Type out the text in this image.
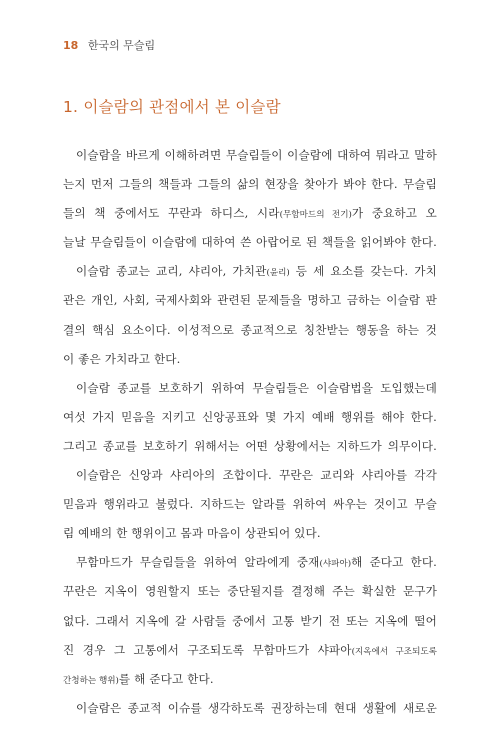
18 한국의 무슬림
1. 이슬람의 관점에서 본 이슬람
이슬람을 바르게 이해하려면 무슬림들이 이슬람에 대하여 뭐라고 말하
는지 먼저 그들의 책들과 그들의 삶의 현장을 찾아가 봐야 한다. 무슬림
들의 책 중에서도 꾸란과 하디스, 시라(무함마드의 전기)가 중요하고 오
늘날 무슬림들이 이슬람에 대하여 쓴 아랍어로 된 책들을 읽어봐야 한다.
이슬람 종교는 교리, 샤리아, 가치관(윤리) 등 세 요소를 갖는다. 가치
관은 개인, 사회, 국제사회와 관련된 문제들을 명하고 금하는 이슬람 판
결의 핵심 요소이다. 이성적으로 종교적으로 칭찬받는 행동을 하는 것
이 좋은 가치라고 한다.
이슬람 종교를 보호하기 위하여 무슬림들은 이슬람법을 도입했는데
여섯 가지 믿음을 지키고 신앙공표와 몇 가지 예배 행위를 해야 한다.
그리고 종교를 보호하기 위해서는 어떤 상황에서는 지하드가 의무이다.
이슬람은 신앙과 샤리아의 조합이다. 꾸란은 교리와 샤리아를 각각
믿음과 행위라고 불렀다. 지하드는 알라를 위하여 싸우는 것이고 무슬
림 예배의 한 행위이고 몸과 마음이 상관되어 있다.
무함마드가 무슬림들을 위하여 알라에게 중재(샤파아)해 준다고 한다.
꾸란은 지옥이 영원할지 또는 중단될지를 결정해 주는 확실한 문구가
없다. 그래서 지옥에 갈 사람들 중에서 고통 받기 전 또는 지옥에 떨어
진 경우 그 고통에서 구조되도록 무함마드가 샤파아(지옥에서 구조되도록
간청하는 행위)를 해 준다고 한다.
이슬람은 종교적 이슈를 생각하도록 권장하는데 현대 생활에 새로운
